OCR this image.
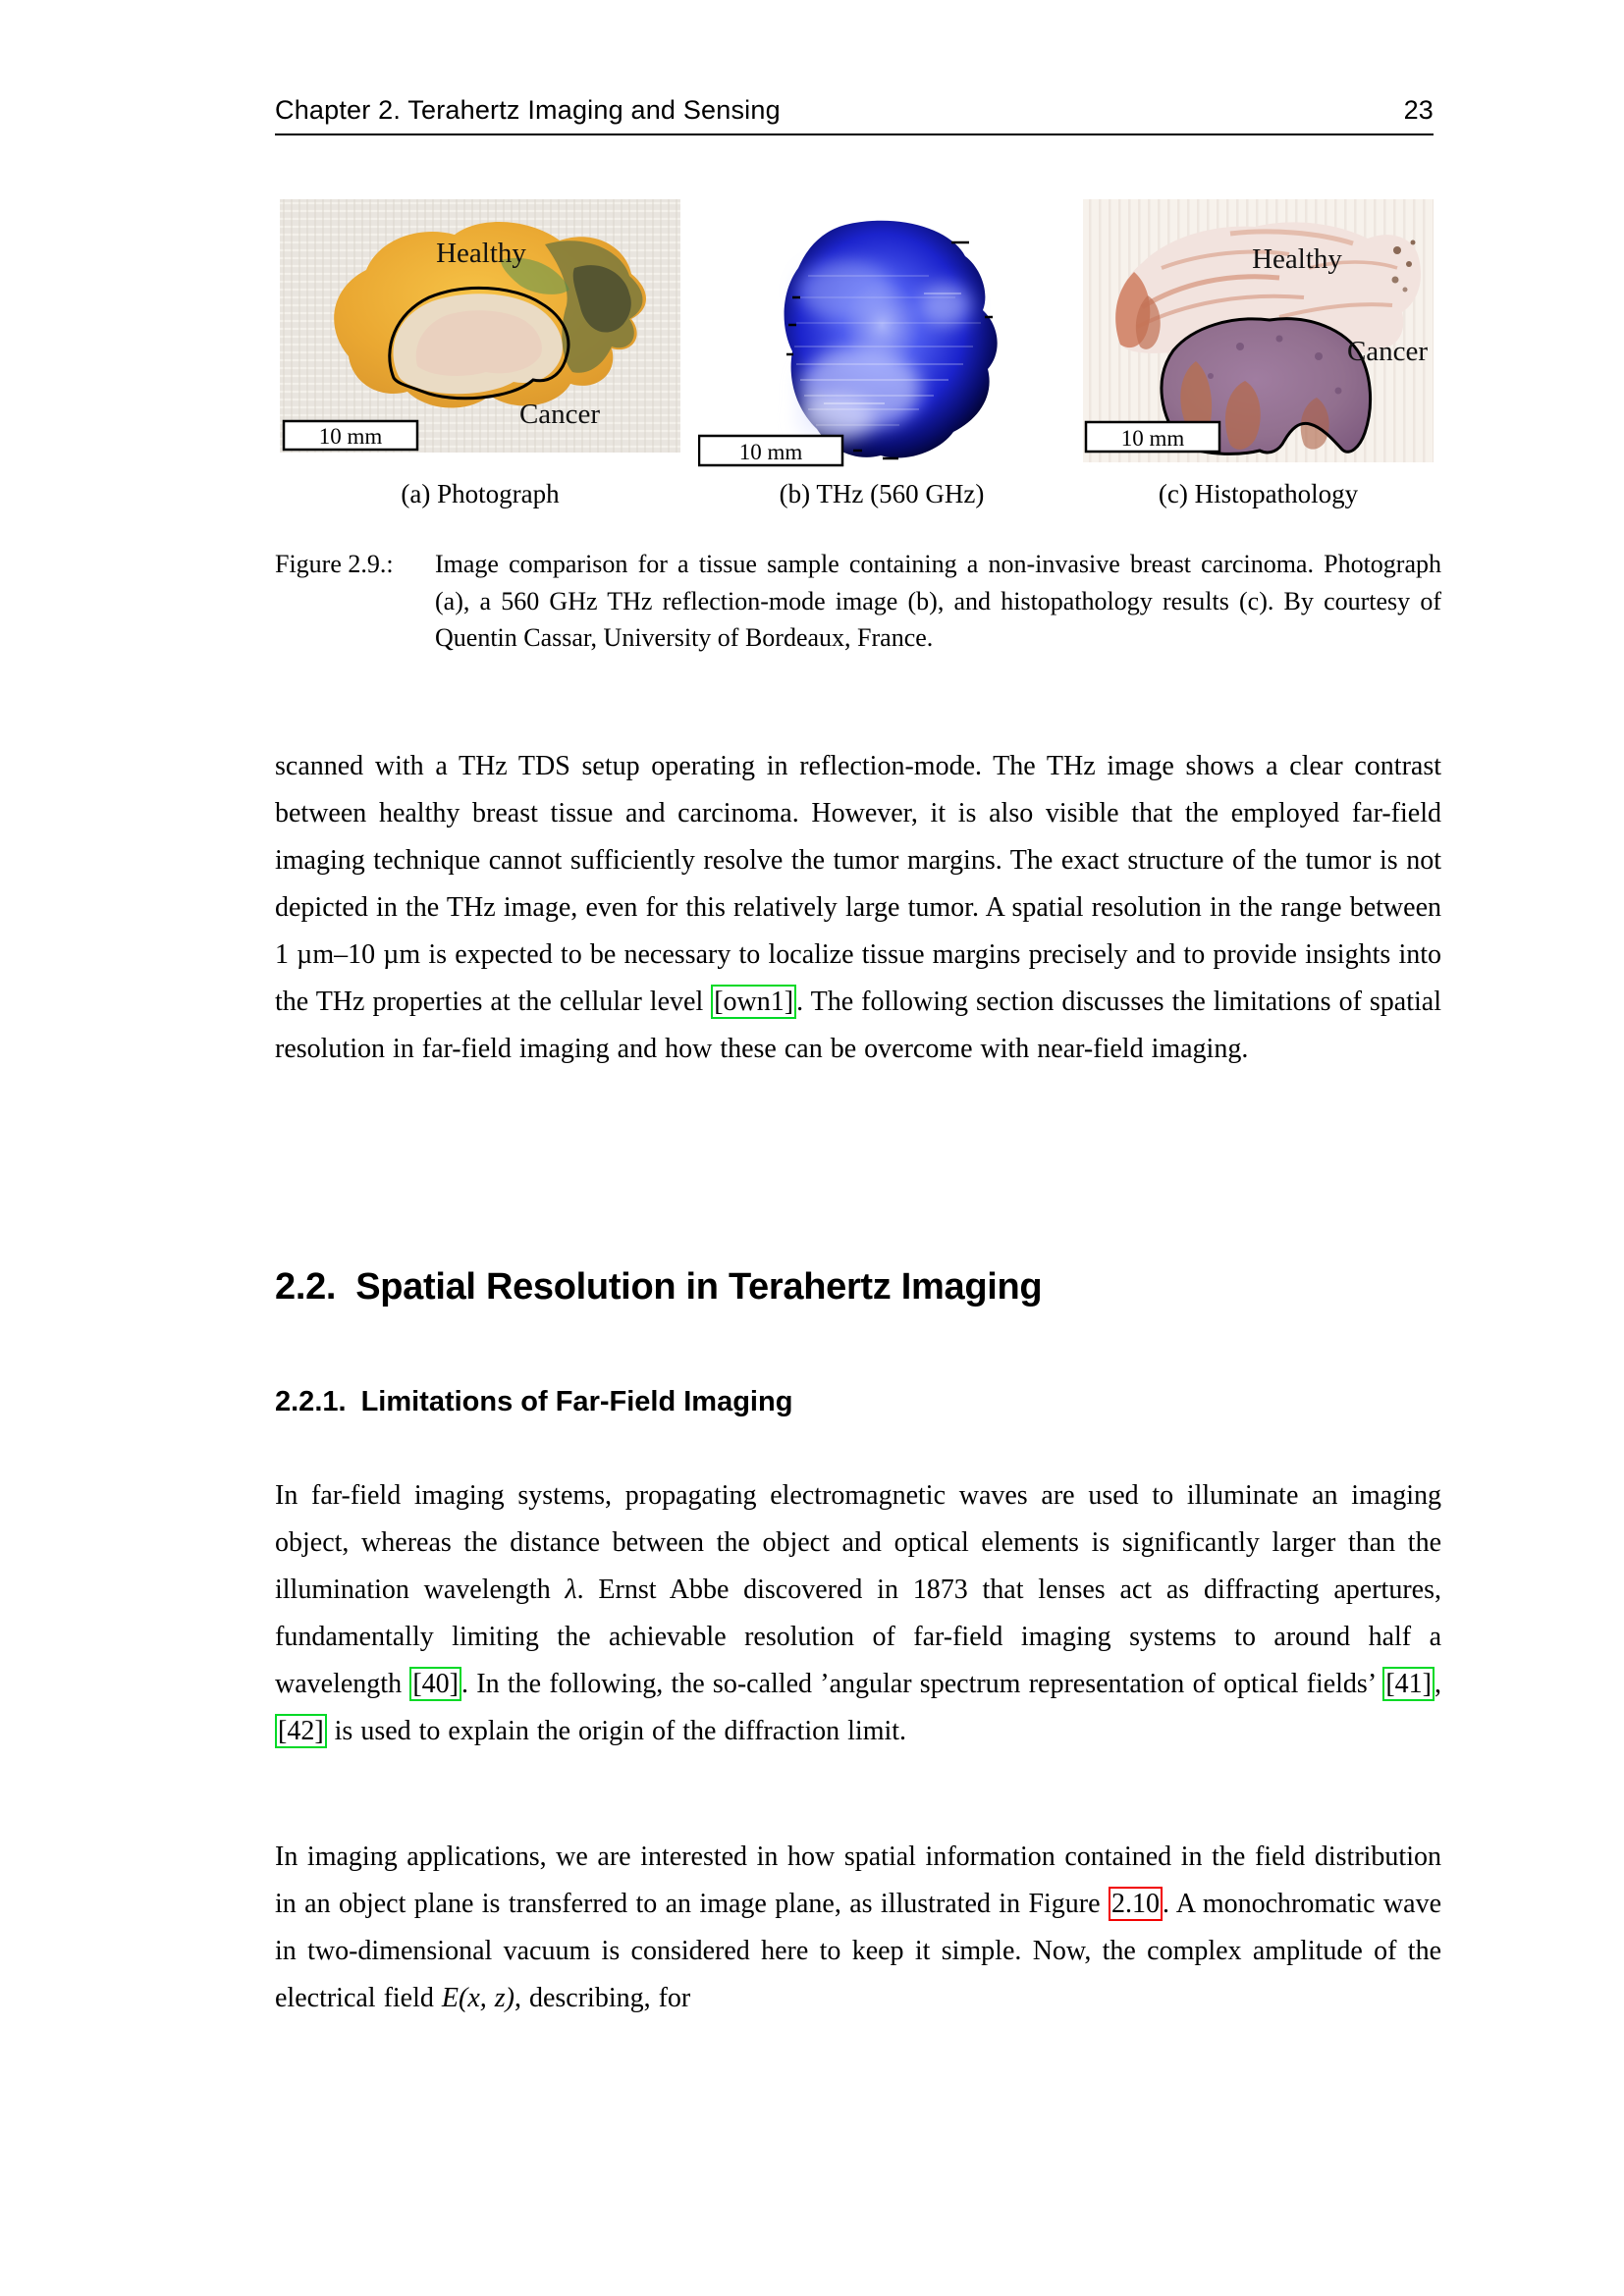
Chapter 2. Terahertz Imaging and Sensing	23
Healthy
Cancer
10 mm
10 mm
Healthy
Cancer
10 mm
(a) Photograph	(b) THz (560 GHz)	(c) Histopathology
Figure 2.9.:	Image comparison for a tissue sample containing a non-invasive breast carcinoma. Photograph (a), a 560 GHz THz reflection-mode image (b), and histopathology results (c). By courtesy of Quentin Cassar, University of Bordeaux, France.
scanned with a THz TDS setup operating in reflection-mode. The THz image shows a clear contrast between healthy breast tissue and carcinoma. However, it is also visible that the employed far-field imaging technique cannot sufficiently resolve the tumor margins. The exact structure of the tumor is not depicted in the THz image, even for this relatively large tumor. A spatial resolution in the range between 1 µm–10 µm is expected to be necessary to localize tissue margins precisely and to provide insights into the THz properties at the cellular level [own1] . The following section discusses the limitations of spatial resolution in far-field imaging and how these can be overcome with near-field imaging.
2.2. Spatial Resolution in Terahertz Imaging
2.2.1. Limitations of Far-Field Imaging
In far-field imaging systems, propagating electromagnetic waves are used to illuminate an imaging object, whereas the distance between the object and optical elements is significantly larger than the illumination wavelength λ. Ernst Abbe discovered in 1873 that lenses act as diffracting apertures, fundamentally limiting the achievable resolution of far-field imaging systems to around half a wavelength [40] . In the following, the so-called ’angular spectrum representation of optical fields’ [41] , [42] is used to explain the origin of the diffraction limit.
In imaging applications, we are interested in how spatial information contained in the field distribution in an object plane is transferred to an image plane, as illustrated in Figure 2.10 . A monochromatic wave in two-dimensional vacuum is considered here to keep it simple. Now, the complex amplitude of the electrical field E(x, z), describing, for
